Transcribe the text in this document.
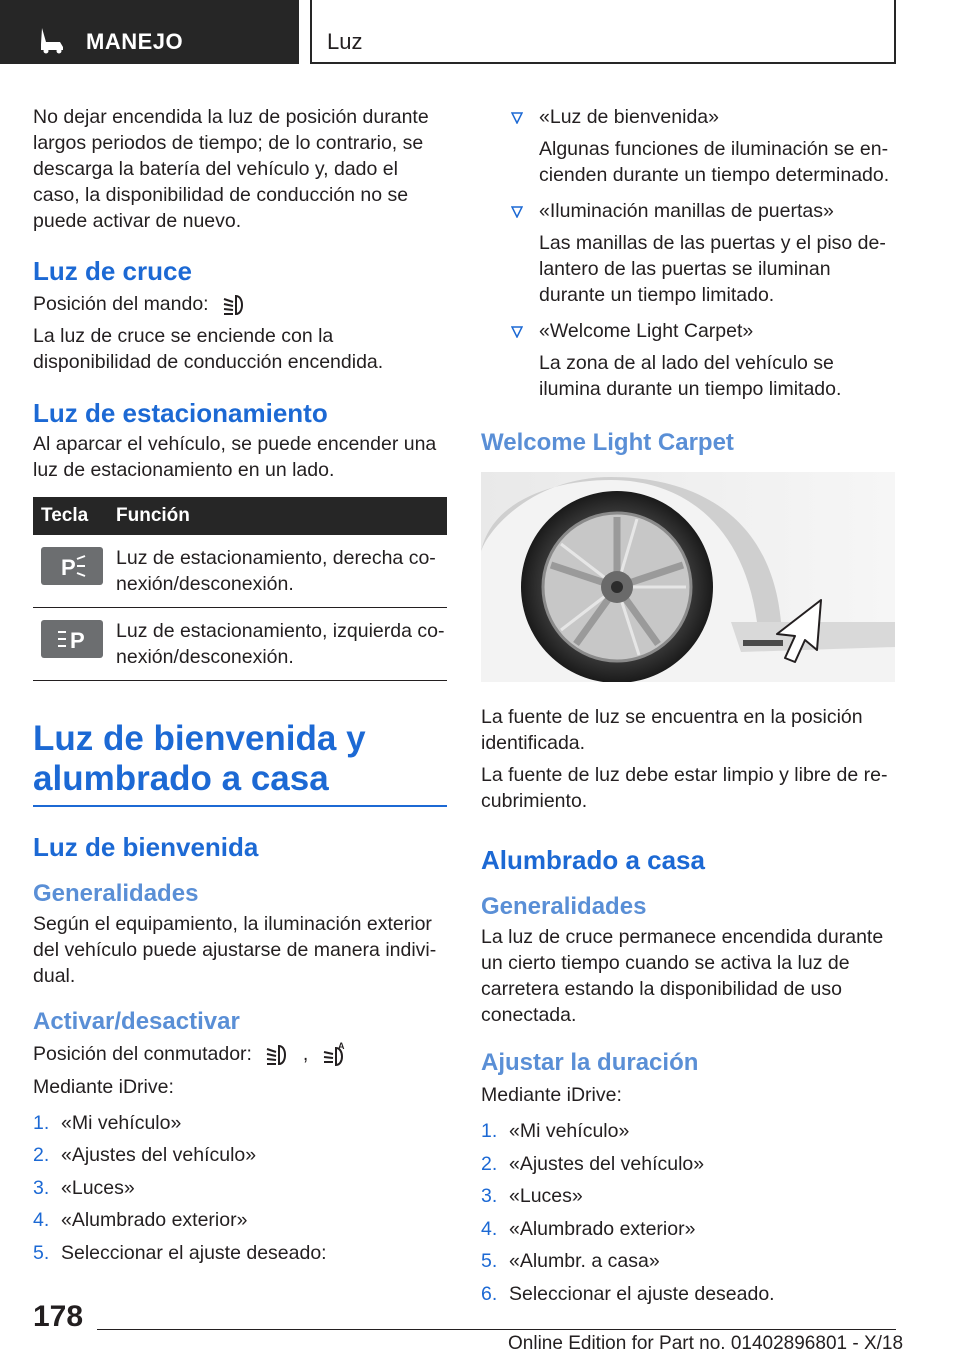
MANEJO	Luz

No dejar encendida la luz de posición durante largos periodos de tiempo; de lo contrario, se descarga la batería del vehículo y, dado el caso, la disponibilidad de conducción no se puede activar de nuevo.

Luz de cruce

Posición del mando:

La luz de cruce se enciende con la disponibilidad de conducción encendida.

Luz de estacionamiento

Al aparcar el vehículo, se puede encender una luz de estacionamiento en un lado.

Tecla	Función

P	Luz de estacionamiento, derecha conexión/desconexión.

P	Luz de estacionamiento, izquierda conexión/desconexión.
Luz de bienvenida y alumbrado a casa
Luz de bienvenida
Generalidades

Según el equipamiento, la iluminación exterior del vehículo puede ajustarse de manera individual.

Activar/desactivar

Posición del conmutador:	,	A

Mediante iDrive:

1. «Mi vehículo»
2. «Ajustes del vehículo»
3. «Luces»
4. «Alumbrado exterior»
5. Seleccionar el ajuste deseado:
«Luz de bienvenida»
Algunas funciones de iluminación se encienden durante un tiempo determinado.
«Iluminación manillas de puertas»
Las manillas de las puertas y el piso delantero de las puertas se iluminan durante un tiempo limitado.
«Welcome Light Carpet»
La zona de al lado del vehículo se ilumina durante un tiempo limitado.
Welcome Light Carpet

La fuente de luz se encuentra en la posición identificada.

La fuente de luz debe estar limpio y libre de recubrimiento.

Alumbrado a casa
Generalidades

La luz de cruce permanece encendida durante un cierto tiempo cuando se activa la luz de carretera estando la disponibilidad de uso conectada.

Ajustar la duración

Mediante iDrive:

1. «Mi vehículo»
2. «Ajustes del vehículo»
3. «Luces»
4. «Alumbrado exterior»
5. «Alumbr. a casa»
6. Seleccionar el ajuste deseado.
178
Online Edition for Part no. 01402896801 - X/18
